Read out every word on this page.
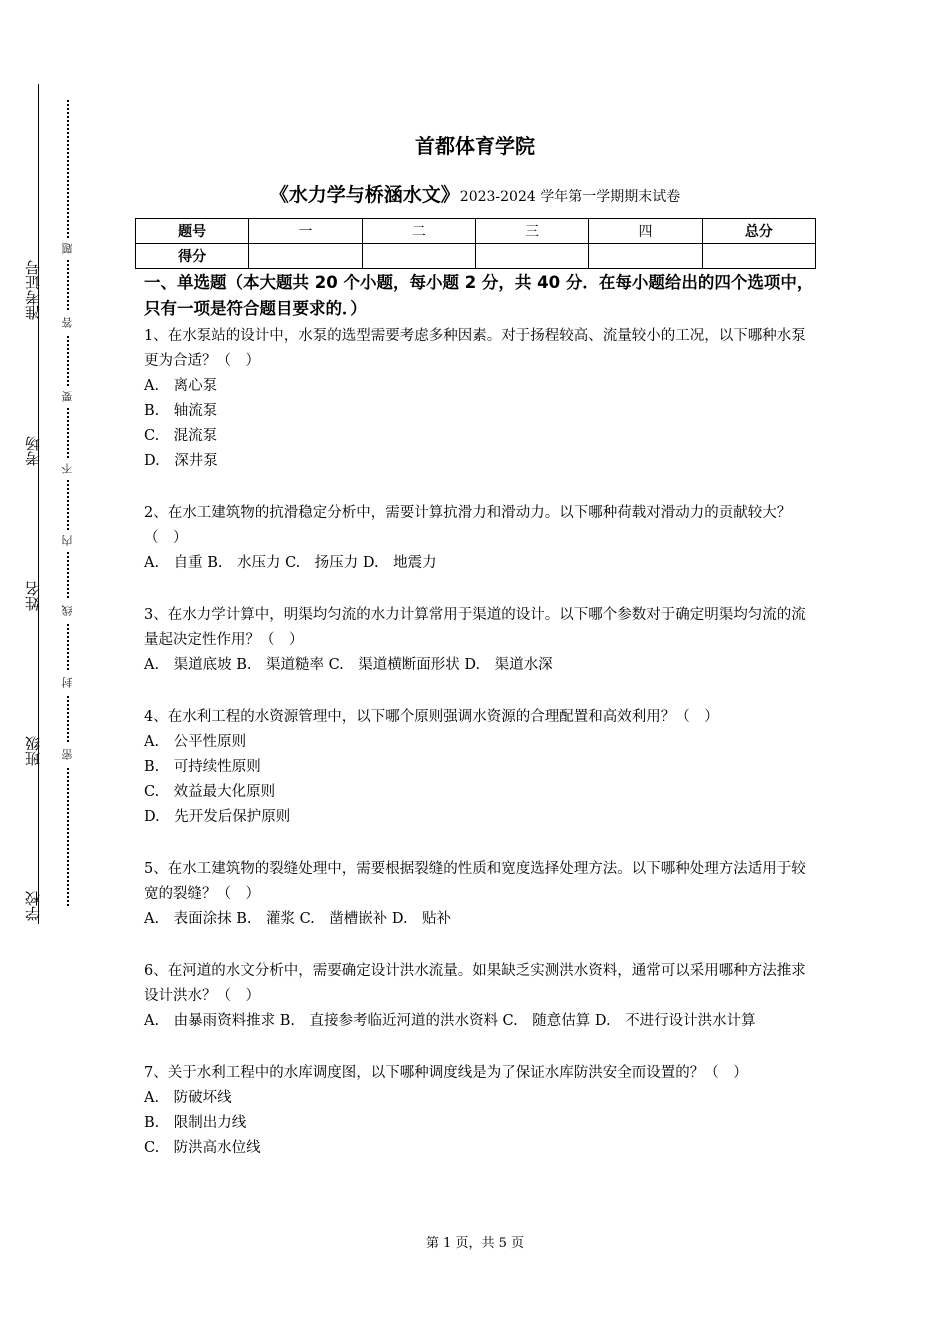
准考证号
考场
姓名
班级
学校
题
答
要
不
内
线
封
密
首都体育学院
《水力学与桥涵水文》2023-2024 学年第一学期期末试卷
题号	一	二	三	四	总分
得分					
一、单选题（本大题共 20 个小题，每小题 2 分，共 40 分．在每小题给出的四个选项中，只有一项是符合题目要求的．）
1、在水泵站的设计中，水泵的选型需要考虑多种因素。对于扬程较高、流量较小的工况，以下哪种水泵更为合适？（　）
A.　离心泵
B.　轴流泵
C.　混流泵
D.　深井泵
2、在水工建筑物的抗滑稳定分析中，需要计算抗滑力和滑动力。以下哪种荷载对滑动力的贡献较大？（　）
A.　自重 B.　水压力 C.　扬压力 D.　地震力
3、在水力学计算中，明渠均匀流的水力计算常用于渠道的设计。以下哪个参数对于确定明渠均匀流的流量起决定性作用？（　）
A.　渠道底坡 B.　渠道糙率 C.　渠道横断面形状 D.　渠道水深
4、在水利工程的水资源管理中，以下哪个原则强调水资源的合理配置和高效利用？（　）
A.　公平性原则
B.　可持续性原则
C.　效益最大化原则
D.　先开发后保护原则
5、在水工建筑物的裂缝处理中，需要根据裂缝的性质和宽度选择处理方法。以下哪种处理方法适用于较宽的裂缝？（　）
A.　表面涂抹 B.　灌浆 C.　凿槽嵌补 D.　贴补
6、在河道的水文分析中，需要确定设计洪水流量。如果缺乏实测洪水资料，通常可以采用哪种方法推求设计洪水？（　）
A.　由暴雨资料推求 B.　直接参考临近河道的洪水资料 C.　随意估算 D.　不进行设计洪水计算
7、关于水利工程中的水库调度图，以下哪种调度线是为了保证水库防洪安全而设置的？（　）
A.　防破坏线
B.　限制出力线
C.　防洪高水位线
第 1 页，共 5 页
